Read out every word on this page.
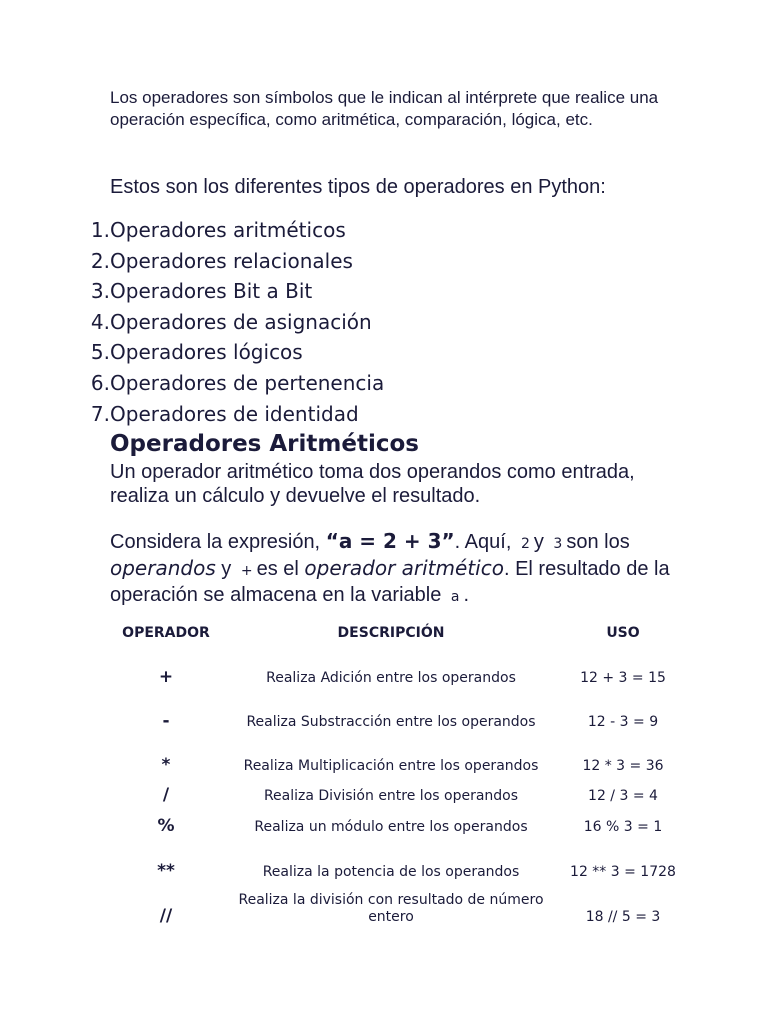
Los operadores son símbolos que le indican al intérprete que realice una operación específica, como aritmética, comparación, lógica, etc.

Estos son los diferentes tipos de operadores en Python:

1.Operadores aritméticos
2.Operadores relacionales
3.Operadores Bit a Bit
4.Operadores de asignación
5.Operadores lógicos
6.Operadores de pertenencia
7.Operadores de identidad
Operadores Aritméticos

Un operador aritmético toma dos operandos como entrada, realiza un cálculo y devuelve el resultado.

Considera la expresión, “a = 2 + 3”. Aquí, 2 y 3 son los operandos y + es el operador aritmético. El resultado de la operación se almacena en la variable a .

OPERADOR	DESCRIPCIÓN	USO
+	Realiza Adición entre los operandos	12 + 3 = 15
-	Realiza Substracción entre los operandos	12 - 3 = 9
*	Realiza Multiplicación entre los operandos	12 * 3 = 36
/	Realiza División entre los operandos	12 / 3 = 4
%	Realiza un módulo entre los operandos	16 % 3 = 1
**	Realiza la potencia de los operandos	12 ** 3 = 1728
//	Realiza la división con resultado de número entero	18 // 5 = 3
